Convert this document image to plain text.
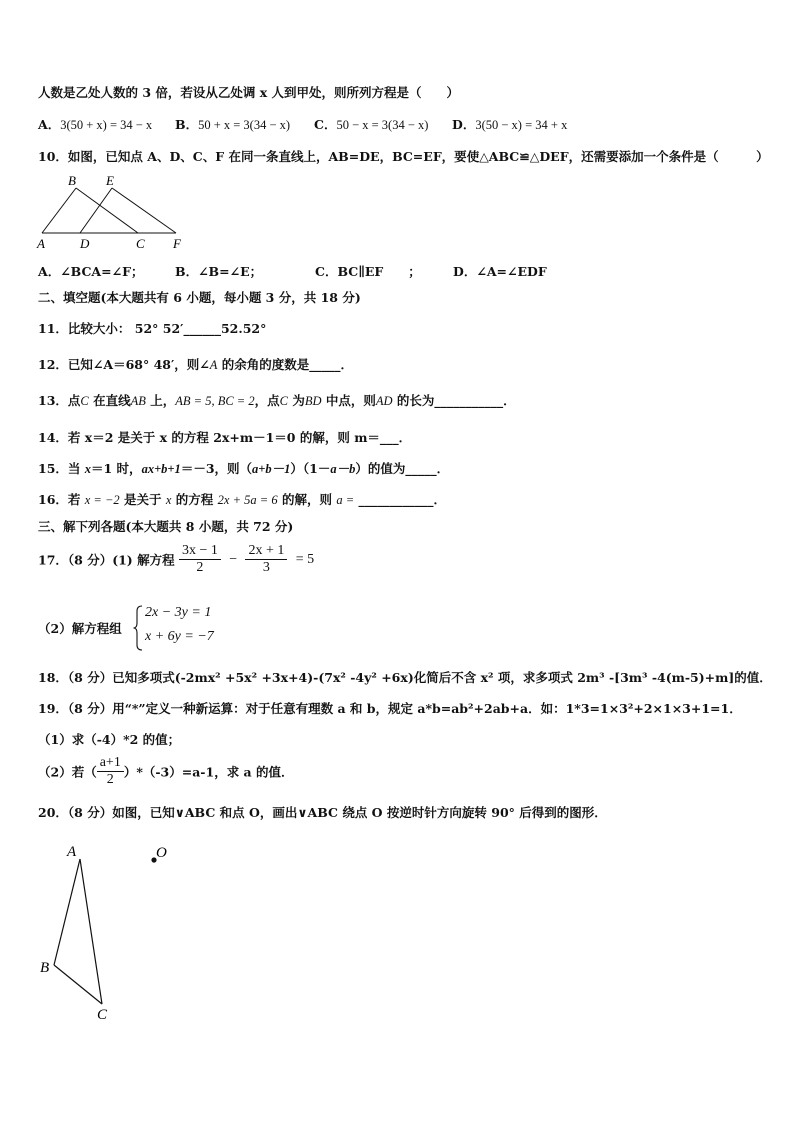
人数是乙处人数的 3 倍，若设从乙处调 x 人到甲处，则所列方程是（　　）
A．3(50 + x) = 34 − x B．50 + x = 3(34 − x) C．50 − x = 3(34 − x) D．3(50 − x) = 34 + x
10．如图，已知点 A、D、C、F 在同一条直线上，AB=DE，BC=EF，要使△ABC≌△DEF，还需要添加一个条件是（　　　）
B E
A	D	C F
A．∠BCA=∠F；	B．∠B=∠E；	C．BC∥EF　　；	D．∠A=∠EDF
二、填空题(本大题共有 6 小题，每小题 3 分，共 18 分)
11．比较大小： 52° 52′______52.52°
12．已知∠A＝68° 48′，则∠A 的余角的度数是_____．
13．点C 在直线AB 上，AB = 5, BC = 2，点C 为BD 中点，则AD 的长为___________．
14．若 x＝2 是关于 x 的方程 2x+m－1＝0 的解，则 m＝___．
15．当 x＝1 时，ax+b+1＝－3，则（a+b－1）（1－a－b）的值为_____．
16．若 x = −2 是关于 x 的方程 2x + 5a = 6 的解，则 a = ____________．
三、解下列各题(本大题共 8 小题，共 72 分)
17．（8 分）(1) 解方程 $\frac{3x - 1}{2} - \frac{2x + 1}{3} = 5$
（2）解方程组
2x − 3y = 1
x + 6y = −7
18．（8 分）已知多项式(-2mx² +5x² +3x+4)-(7x² -4y² +6x)化简后不含 x² 项，求多项式 2m³ -[3m³ -4(m-5)+m]的值．
19．（8 分）用“*”定义一种新运算：对于任意有理数 a 和 b，规定 a*b=ab²+2ab+a．如：1*3=1×3²+2×1×3+1=1．
（1）求（-4）*2 的值；
（2）若（ $\frac{a+1}{2} )*(-3)=a-1$，求 a 的值．
20．（8 分）如图，已知∨ABC 和点 O，画出∨ABC 绕点 O 按逆时针方向旋转 90° 后得到的图形．
A	O
B
C
